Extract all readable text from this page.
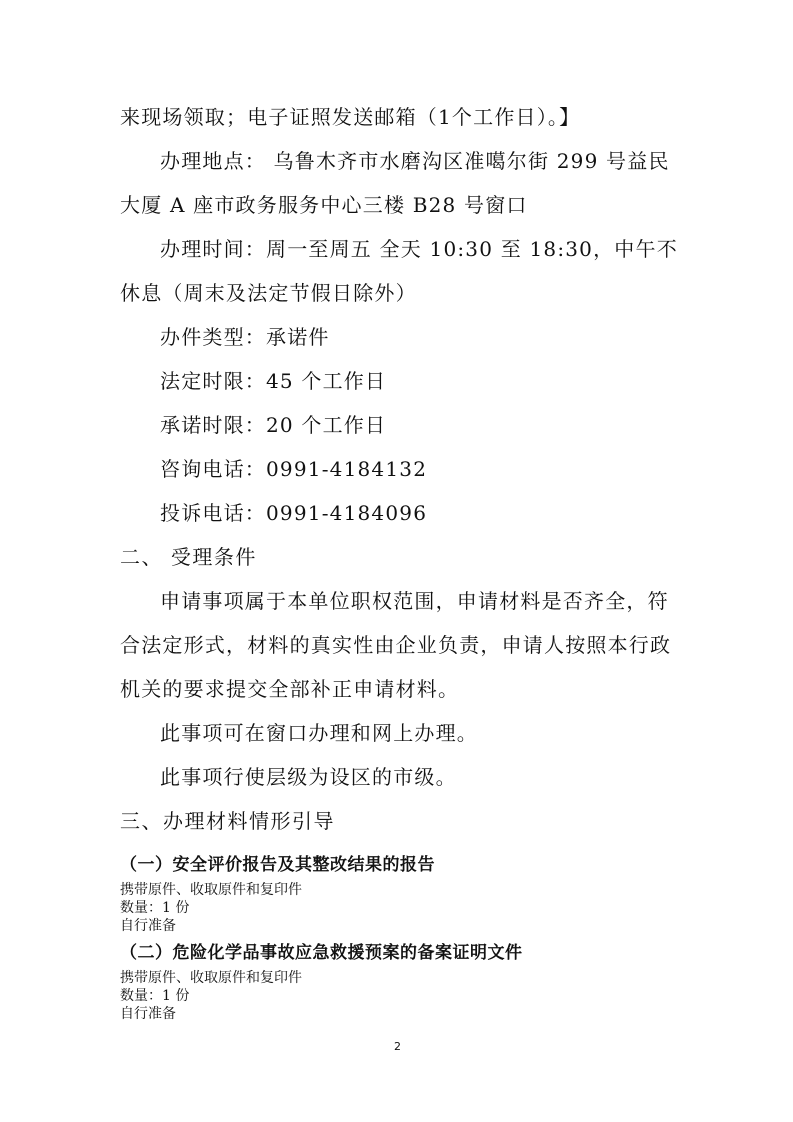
来现场领取；电子证照发送邮箱（1个工作日）。】
办理地点： 乌鲁木齐市水磨沟区准噶尔街 299 号益民
大厦 A 座市政务服务中心三楼 B28 号窗口
办理时间：周一至周五 全天 10:30 至 18:30，中午不
休息（周末及法定节假日除外）
办件类型：承诺件
法定时限：45 个工作日
承诺时限：20 个工作日
咨询电话：0991-4184132
投诉电话：0991-4184096
二、 受理条件
申请事项属于本单位职权范围，申请材料是否齐全，符
合法定形式，材料的真实性由企业负责，申请人按照本行政
机关的要求提交全部补正申请材料。
此事项可在窗口办理和网上办理。
此事项行使层级为设区的市级。
三、办理材料情形引导
（一）安全评价报告及其整改结果的报告
携带原件、收取原件和复印件
数量：1 份
自行准备
（二）危险化学品事故应急救援预案的备案证明文件
携带原件、收取原件和复印件
数量：1 份
自行准备
2
